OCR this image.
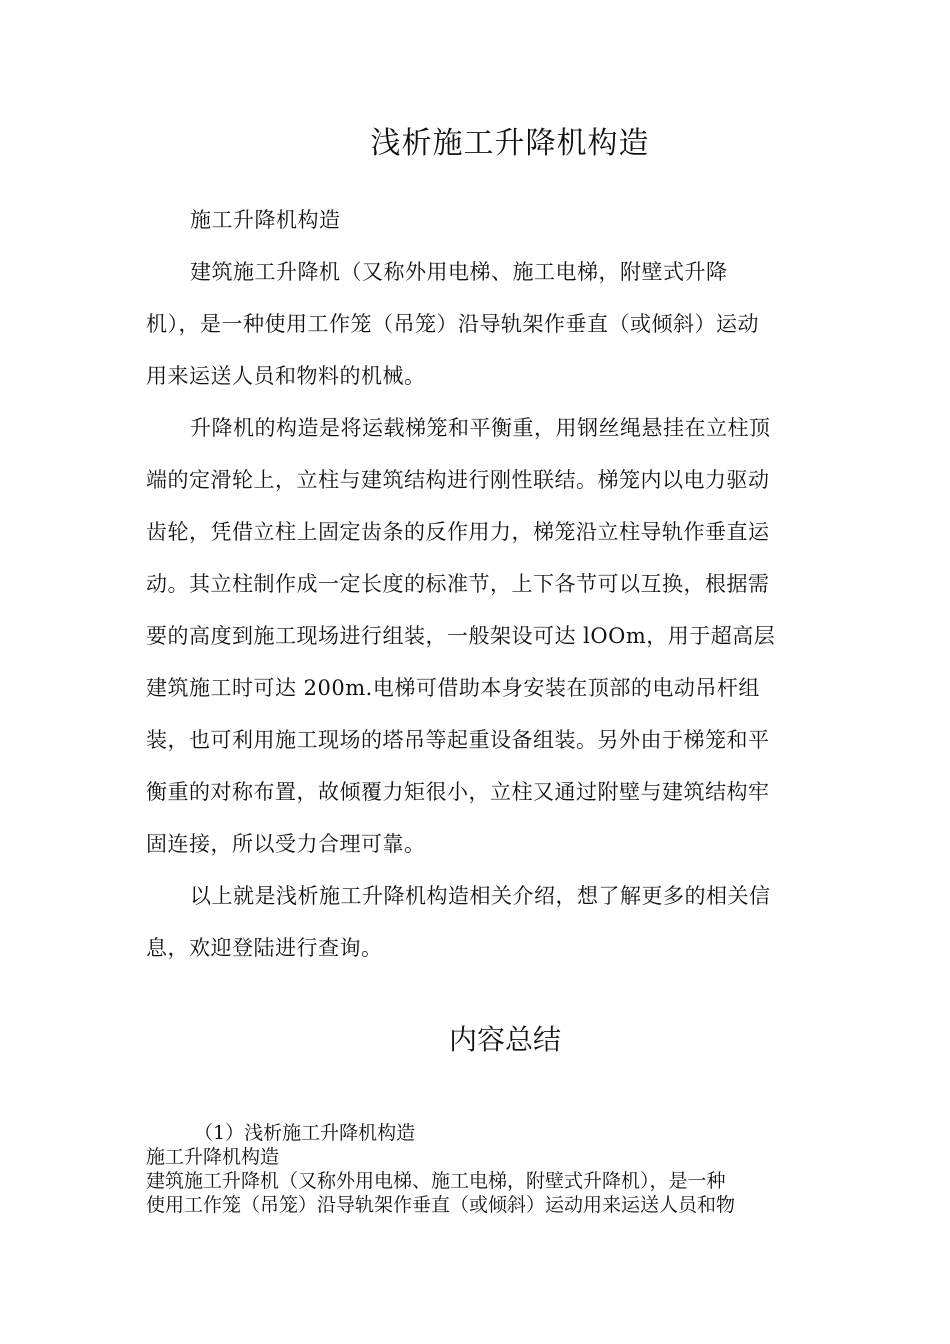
浅析施工升降机构造

施工升降机构造

建筑施工升降机（又称外用电梯、施工电梯，附壁式升降

机），是一种使用工作笼（吊笼）沿导轨架作垂直（或倾斜）运动

用来运送人员和物料的机械。

升降机的构造是将运载梯笼和平衡重，用钢丝绳悬挂在立柱顶

端的定滑轮上，立柱与建筑结构进行刚性联结。梯笼内以电力驱动

齿轮，凭借立柱上固定齿条的反作用力，梯笼沿立柱导轨作垂直运

动。其立柱制作成一定长度的标准节，上下各节可以互换，根据需

要的高度到施工现场进行组装，一般架设可达 lOOm，用于超高层

建筑施工时可达 200m.电梯可借助本身安装在顶部的电动吊杆组

装，也可利用施工现场的塔吊等起重设备组装。另外由于梯笼和平

衡重的对称布置，故倾覆力矩很小，立柱又通过附壁与建筑结构牢

固连接，所以受力合理可靠。

以上就是浅析施工升降机构造相关介绍，想了解更多的相关信

息，欢迎登陆进行查询。

内容总结

（1）浅析施工升降机构造

施工升降机构造

建筑施工升降机（又称外用电梯、施工电梯，附壁式升降机），是一种

使用工作笼（吊笼）沿导轨架作垂直（或倾斜）运动用来运送人员和物
